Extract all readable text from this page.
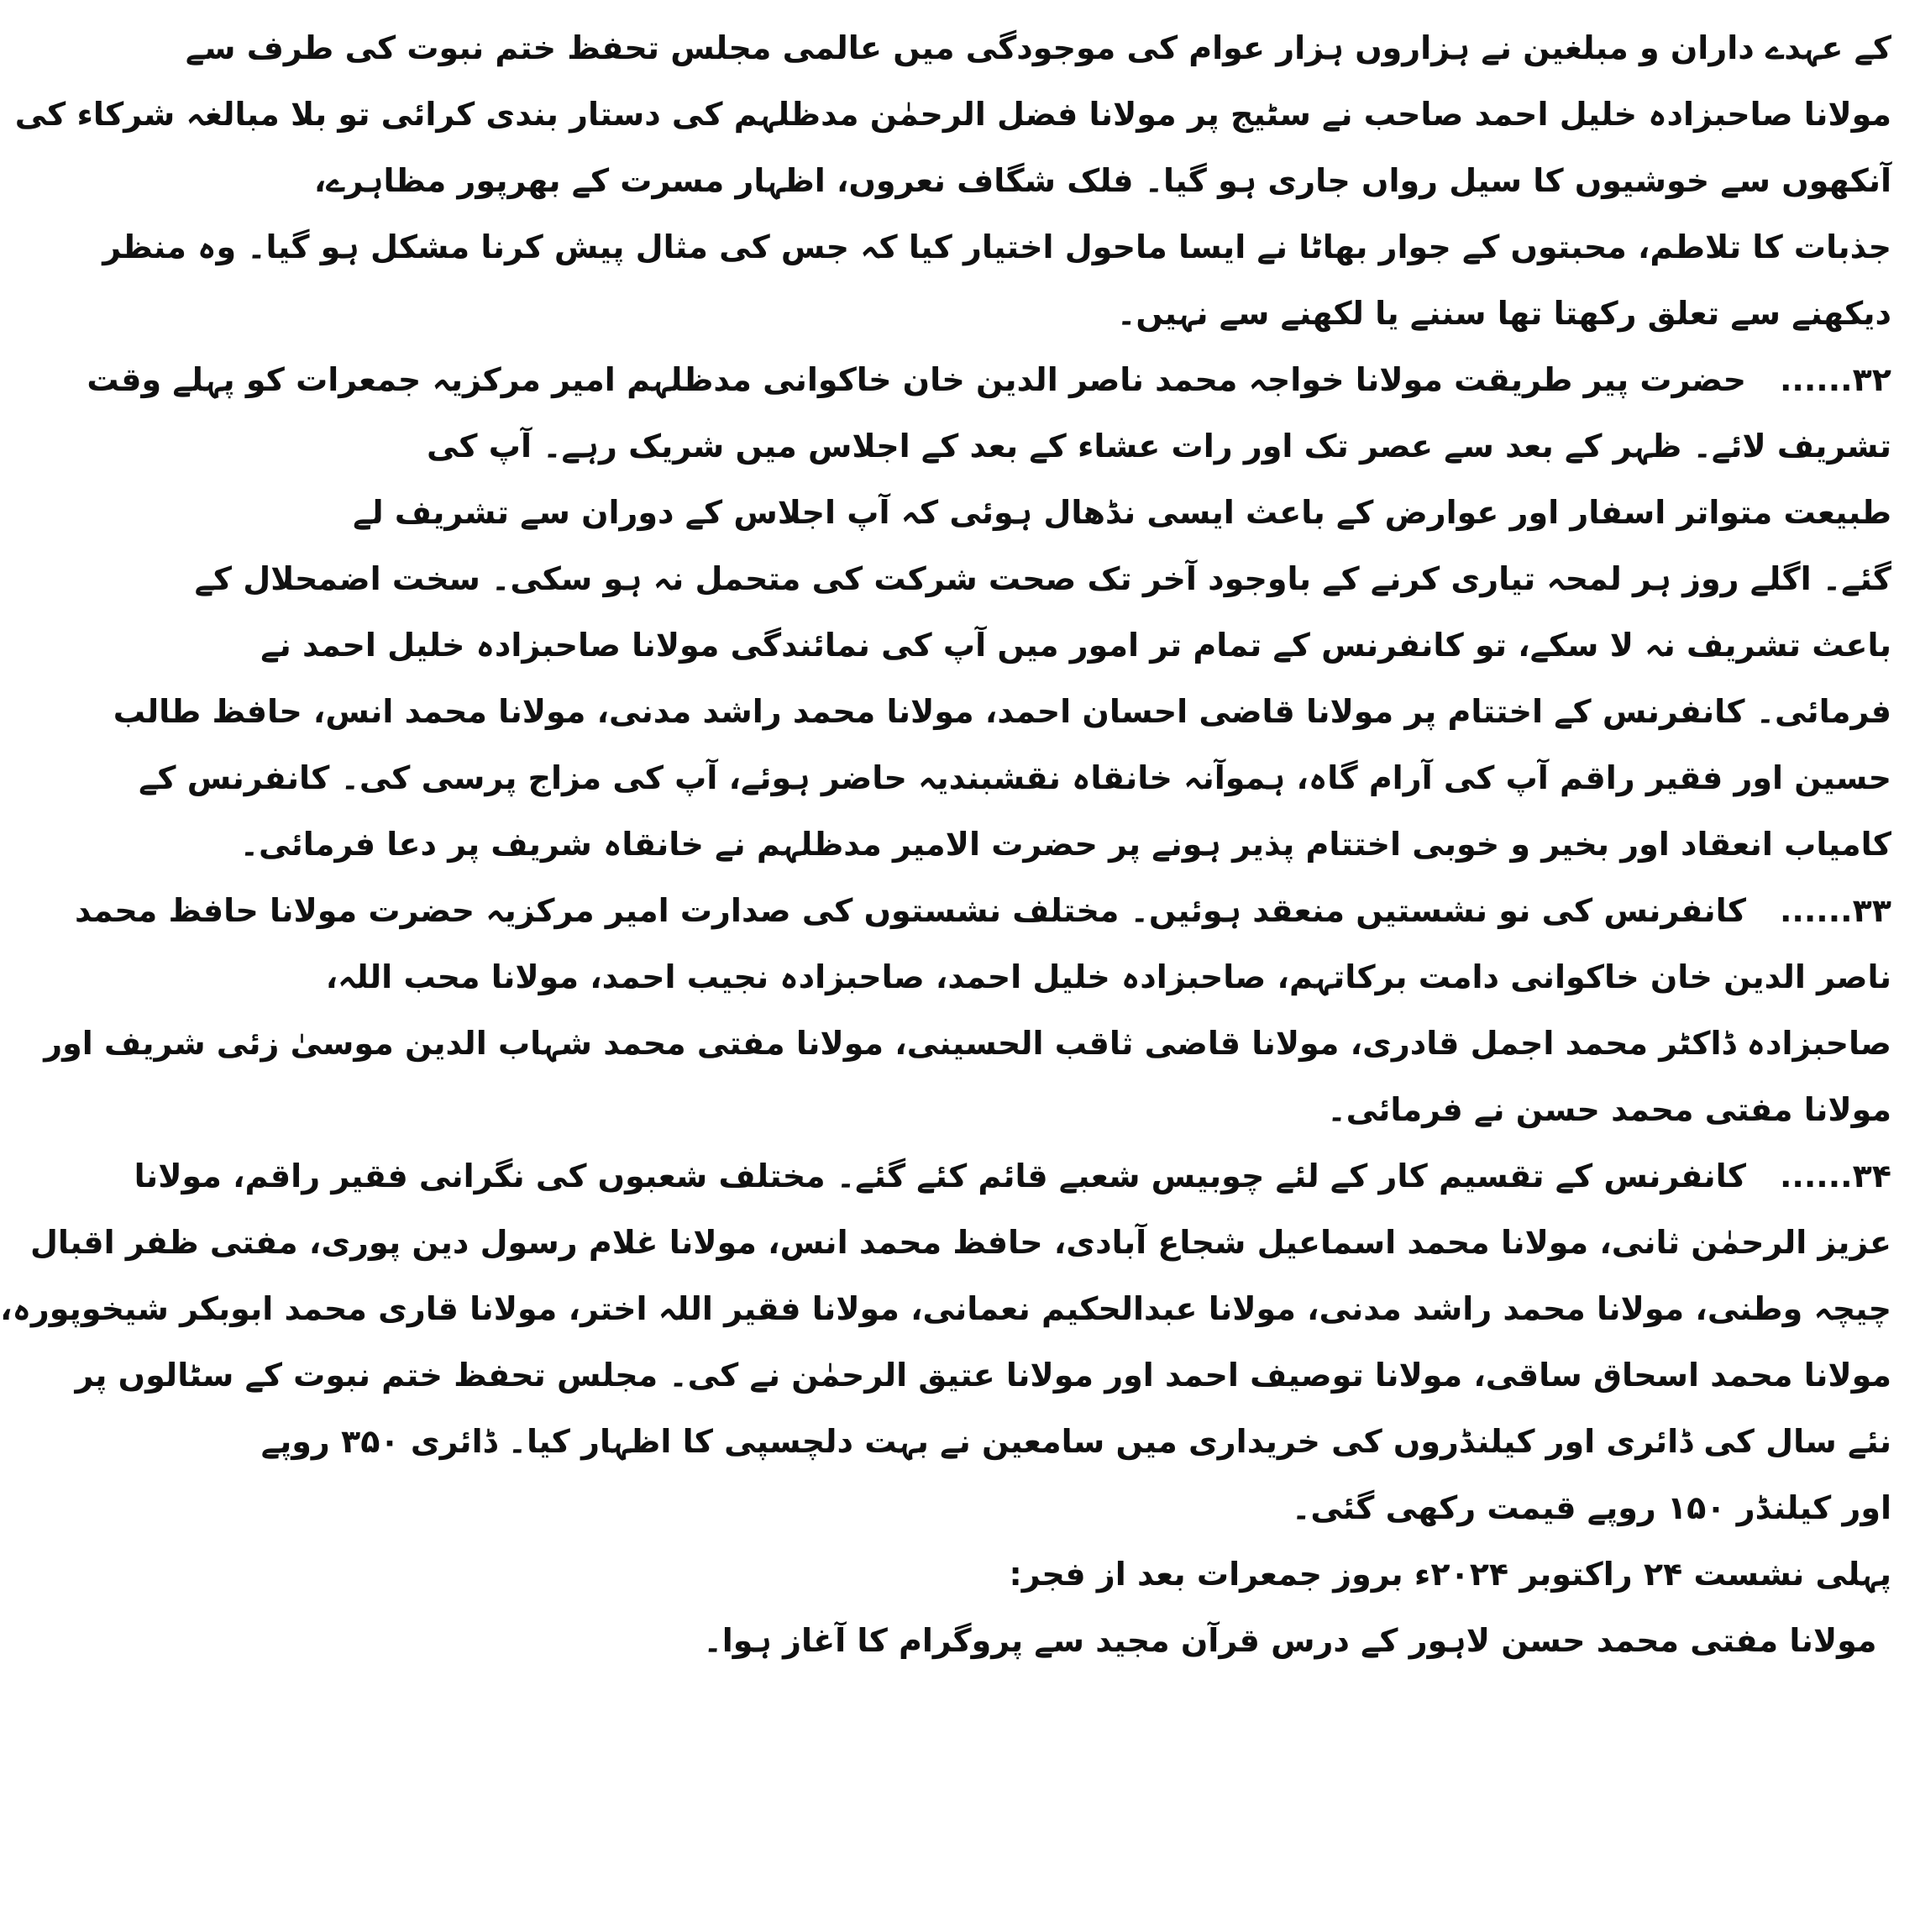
کے عہدے داران و مبلغین نے ہزاروں ہزار عوام کی موجودگی میں عالمی مجلس تحفظ ختم نبوت کی طرف سے
مولانا صاحبزادہ خلیل احمد صاحب نے سٹیج پر مولانا فضل الرحمٰن مدظلہم کی دستار بندی کرائی تو بلا مبالغہ شرکاء کی
آنکھوں سے خوشیوں کا سیل رواں جاری ہو گیا۔ فلک شگاف نعروں، اظہار مسرت کے بھرپور مظاہرے،
جذبات کا تلاطم، محبتوں کے جوار بھاٹا نے ایسا ماحول اختیار کیا کہ جس کی مثال پیش کرنا مشکل ہو گیا۔ وہ منظر
دیکھنے سے تعلق رکھتا تھا سننے یا لکھنے سے نہیں۔
۳۲......حضرت پیر طریقت مولانا خواجہ محمد ناصر الدین خان خاکوانی مدظلہم امیر مرکزیہ جمعرات کو پہلے وقت
تشریف لائے۔ ظہر کے بعد سے عصر تک اور رات عشاء کے بعد کے اجلاس میں شریک رہے۔ آپ کی
طبیعت متواتر اسفار اور عوارض کے باعث ایسی نڈھال ہوئی کہ آپ اجلاس کے دوران سے تشریف لے
گئے۔ اگلے روز ہر لمحہ تیاری کرنے کے باوجود آخر تک صحت شرکت کی متحمل نہ ہو سکی۔ سخت اضمحلال کے
باعث تشریف نہ لا سکے، تو کانفرنس کے تمام تر امور میں آپ کی نمائندگی مولانا صاحبزادہ خلیل احمد نے
فرمائی۔ کانفرنس کے اختتام پر مولانا قاضی احسان احمد، مولانا محمد راشد مدنی، مولانا محمد انس، حافظ طالب
حسین اور فقیر راقم آپ کی آرام گاہ، ہموآنہ خانقاہ نقشبندیہ حاضر ہوئے، آپ کی مزاج پرسی کی۔ کانفرنس کے
کامیاب انعقاد اور بخیر و خوبی اختتام پذیر ہونے پر حضرت الامیر مدظلہم نے خانقاہ شریف پر دعا فرمائی۔
۳۳......کانفرنس کی نو نشستیں منعقد ہوئیں۔ مختلف نشستوں کی صدارت امیر مرکزیہ حضرت مولانا حافظ محمد
ناصر الدین خان خاکوانی دامت برکاتہم، صاحبزادہ خلیل احمد، صاحبزادہ نجیب احمد، مولانا محب اللہ،
صاحبزادہ ڈاکٹر محمد اجمل قادری، مولانا قاضی ثاقب الحسینی، مولانا مفتی محمد شہاب الدین موسیٰ زئی شریف اور
مولانا مفتی محمد حسن نے فرمائی۔
۳۴......کانفرنس کے تقسیم کار کے لئے چوبیس شعبے قائم کئے گئے۔ مختلف شعبوں کی نگرانی فقیر راقم، مولانا
عزیز الرحمٰن ثانی، مولانا محمد اسماعیل شجاع آبادی، حافظ محمد انس، مولانا غلام رسول دین پوری، مفتی ظفر اقبال
چیچہ وطنی، مولانا محمد راشد مدنی، مولانا عبدالحکیم نعمانی، مولانا فقیر اللہ اختر، مولانا قاری محمد ابوبکر شیخوپورہ،
مولانا محمد اسحاق ساقی، مولانا توصیف احمد اور مولانا عتیق الرحمٰن نے کی۔ مجلس تحفظ ختم نبوت کے سٹالوں پر
نئے سال کی ڈائری اور کیلنڈروں کی خریداری میں سامعین نے بہت دلچسپی کا اظہار کیا۔ ڈائری ۳۵۰ روپے
اور کیلنڈر ۱۵۰ روپے قیمت رکھی گئی۔
پہلی نشست ۲۴ راکتوبر ۲۰۲۴ء بروز جمعرات بعد از فجر:
مولانا مفتی محمد حسن لاہور کے درس قرآن مجید سے پروگرام کا آغاز ہوا۔
